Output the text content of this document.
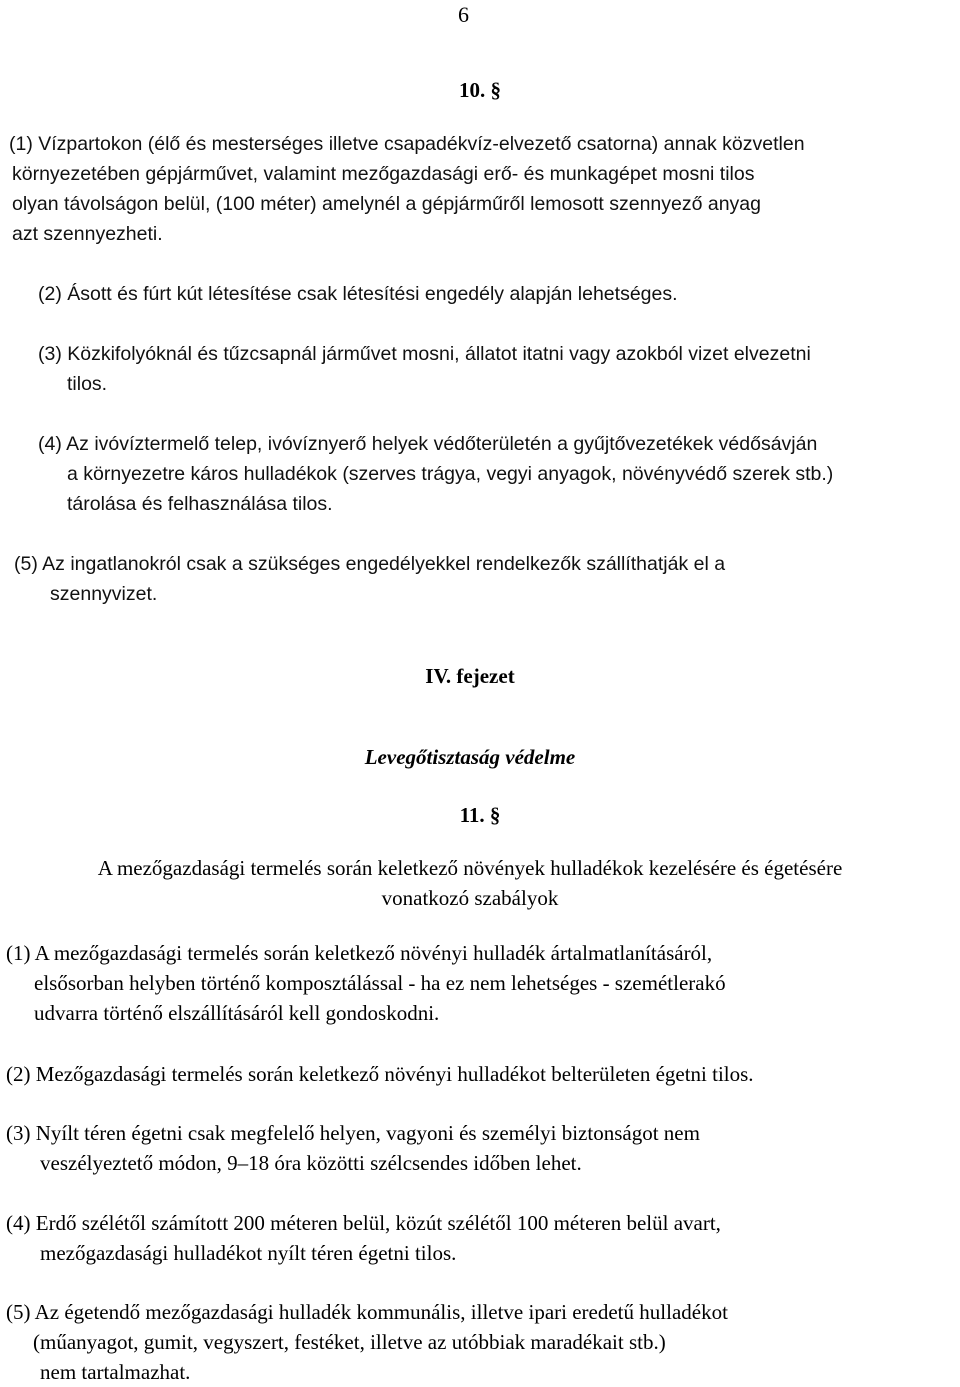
6
10. §
(1) Vízpartokon (élő és mesterséges illetve csapadékvíz-elvezető csatorna) annak közvetlen
környezetében gépjárművet, valamint mezőgazdasági erő- és munkagépet mosni tilos
olyan távolságon belül, (100 méter) amelynél a gépjárműről lemosott szennyező anyag
azt szennyezheti.
(2) Ásott és fúrt kút létesítése csak létesítési engedély alapján lehetséges.
(3) Közkifolyóknál és tűzcsapnál járművet mosni, állatot itatni vagy azokból vizet elvezetni
tilos.
(4) Az ivóvíztermelő telep, ivóvíznyerő helyek védőterületén a gyűjtővezetékek védősávján
a környezetre káros hulladékok (szerves trágya, vegyi anyagok, növényvédő szerek stb.)
tárolása és felhasználása tilos.
(5) Az ingatlanokról csak a szükséges engedélyekkel rendelkezők szállíthatják el a
szennyvizet.
IV. fejezet
Levegőtisztaság védelme
11. §
A mezőgazdasági termelés során keletkező növények hulladékok kezelésére és égetésére
vonatkozó szabályok
(1) A mezőgazdasági termelés során keletkező növényi hulladék ártalmatlanításáról,
elsősorban helyben történő komposztálással - ha ez nem lehetséges - szemétlerakó
udvarra történő elszállításáról kell gondoskodni.
(2) Mezőgazdasági termelés során keletkező növényi hulladékot belterületen égetni tilos.
(3) Nyílt téren égetni csak megfelelő helyen, vagyoni és személyi biztonságot nem
veszélyeztető módon, 9–18 óra közötti szélcsendes időben lehet.
(4) Erdő szélétől számított 200 méteren belül, közút szélétől 100 méteren belül avart,
mezőgazdasági hulladékot nyílt téren égetni tilos.
(5) Az égetendő mezőgazdasági hulladék kommunális, illetve ipari eredetű hulladékot
(műanyagot, gumit, vegyszert, festéket, illetve az utóbbiak maradékait stb.)
nem tartalmazhat.
